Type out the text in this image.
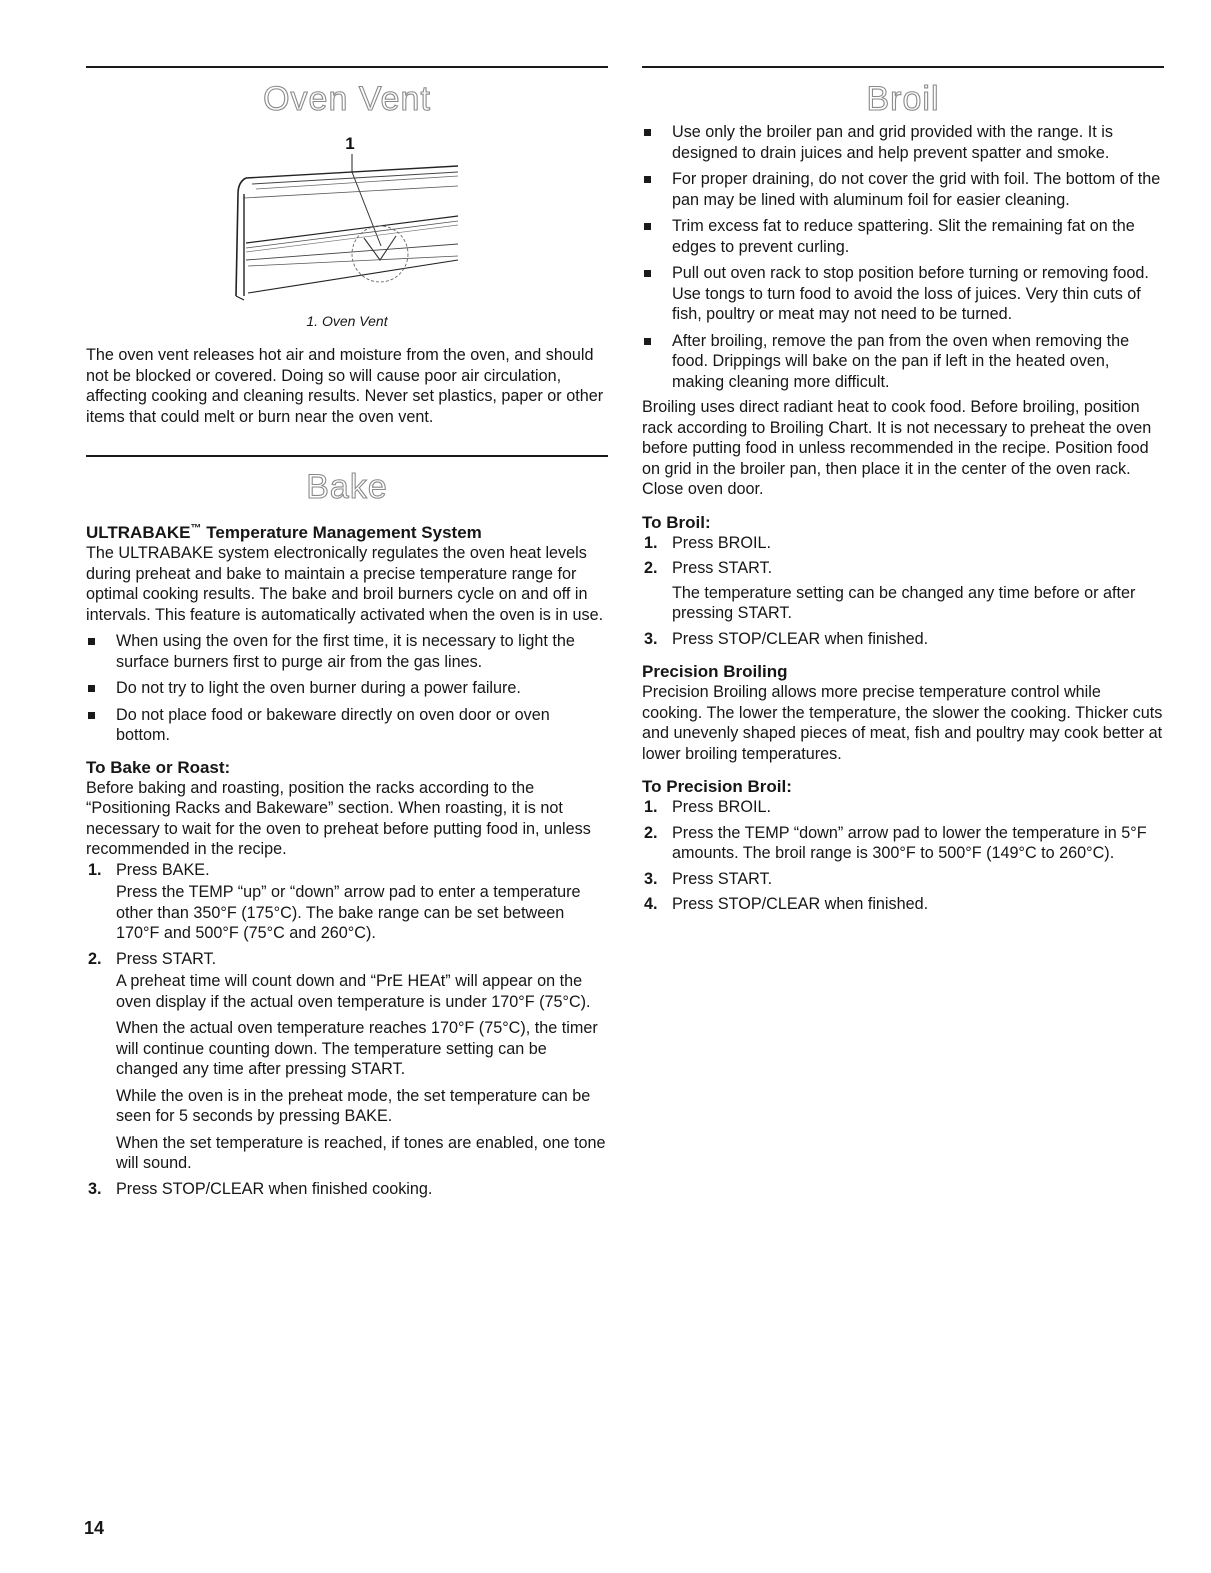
Oven Vent
1
1. Oven Vent

The oven vent releases hot air and moisture from the oven, and should not be blocked or covered. Doing so will cause poor air circulation, affecting cooking and cleaning results. Never set plastics, paper or other items that could melt or burn near the oven vent.

Bake

ULTRABAKE™ Temperature Management System

The ULTRABAKE system electronically regulates the oven heat levels during preheat and bake to maintain a precise temperature range for optimal cooking results. The bake and broil burners cycle on and off in intervals. This feature is automatically activated when the oven is in use.

When using the oven for the first time, it is necessary to light the surface burners first to purge air from the gas lines.

Do not try to light the oven burner during a power failure.

Do not place food or bakeware directly on oven door or oven bottom.

To Bake or Roast:

Before baking and roasting, position the racks according to the “Positioning Racks and Bakeware” section. When roasting, it is not necessary to wait for the oven to preheat before putting food in, unless recommended in the recipe.

1. Press BAKE.

Press the TEMP “up” or “down” arrow pad to enter a temperature other than 350°F (175°C). The bake range can be set between 170°F and 500°F (75°C and 260°C).

2. Press START.

A preheat time will count down and “PrE HEAt” will appear on the oven display if the actual oven temperature is under 170°F (75°C).

When the actual oven temperature reaches 170°F (75°C), the timer will continue counting down. The temperature setting can be changed any time after pressing START.

While the oven is in the preheat mode, the set temperature can be seen for 5 seconds by pressing BAKE.

When the set temperature is reached, if tones are enabled, one tone will sound.

3. Press STOP/CLEAR when finished cooking.

Broil

Use only the broiler pan and grid provided with the range. It is designed to drain juices and help prevent spatter and smoke.

For proper draining, do not cover the grid with foil. The bottom of the pan may be lined with aluminum foil for easier cleaning.

Trim excess fat to reduce spattering. Slit the remaining fat on the edges to prevent curling.

Pull out oven rack to stop position before turning or removing food. Use tongs to turn food to avoid the loss of juices. Very thin cuts of fish, poultry or meat may not need to be turned.

After broiling, remove the pan from the oven when removing the food. Drippings will bake on the pan if left in the heated oven, making cleaning more difficult.

Broiling uses direct radiant heat to cook food. Before broiling, position rack according to Broiling Chart. It is not necessary to preheat the oven before putting food in unless recommended in the recipe. Position food on grid in the broiler pan, then place it in the center of the oven rack. Close oven door.

To Broil:

1. Press BROIL.

2. Press START.

The temperature setting can be changed any time before or after pressing START.

3. Press STOP/CLEAR when finished.

Precision Broiling

Precision Broiling allows more precise temperature control while cooking. The lower the temperature, the slower the cooking. Thicker cuts and unevenly shaped pieces of meat, fish and poultry may cook better at lower broiling temperatures.

To Precision Broil:

1. Press BROIL.

2. Press the TEMP “down” arrow pad to lower the temperature in 5°F amounts. The broil range is 300°F to 500°F (149°C to 260°C).

3. Press START.

4. Press STOP/CLEAR when finished.

14
